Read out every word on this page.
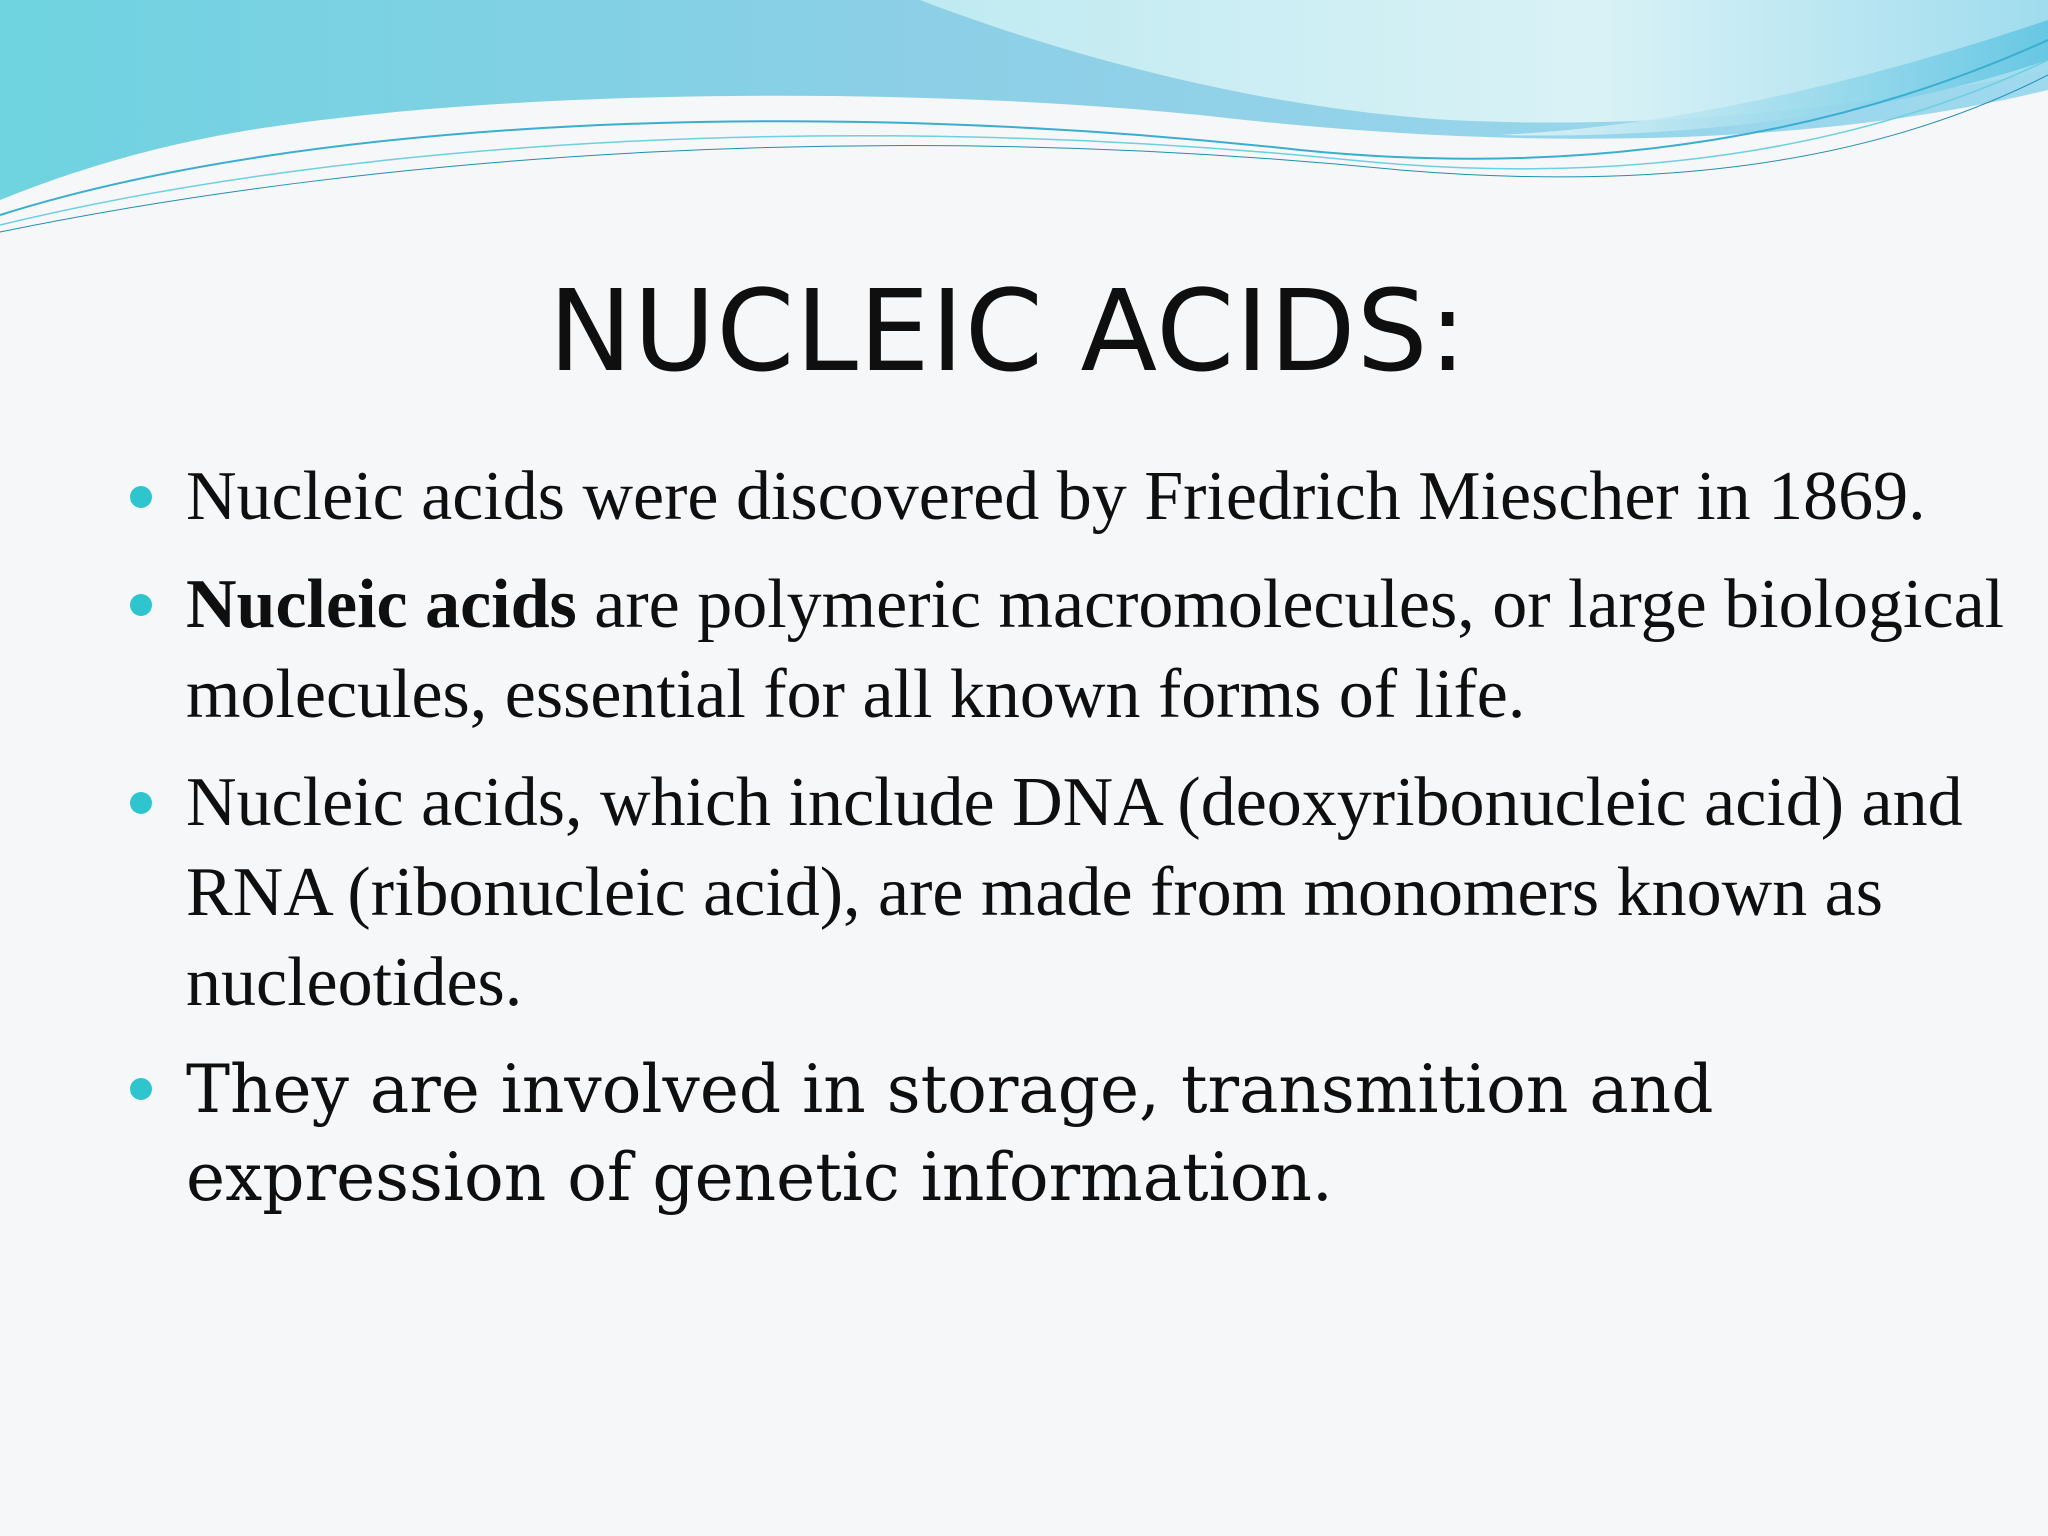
NUCLEIC ACIDS:
Nucleic acids were discovered by Friedrich Miescher in 1869.
Nucleic acids are polymeric macromolecules, or large biological molecules, essential for all known forms of life.
Nucleic acids, which include DNA (deoxyribonucleic acid) and RNA (ribonucleic acid), are made from monomers known as nucleotides.
They are involved in storage, transmition and expression of genetic information.
